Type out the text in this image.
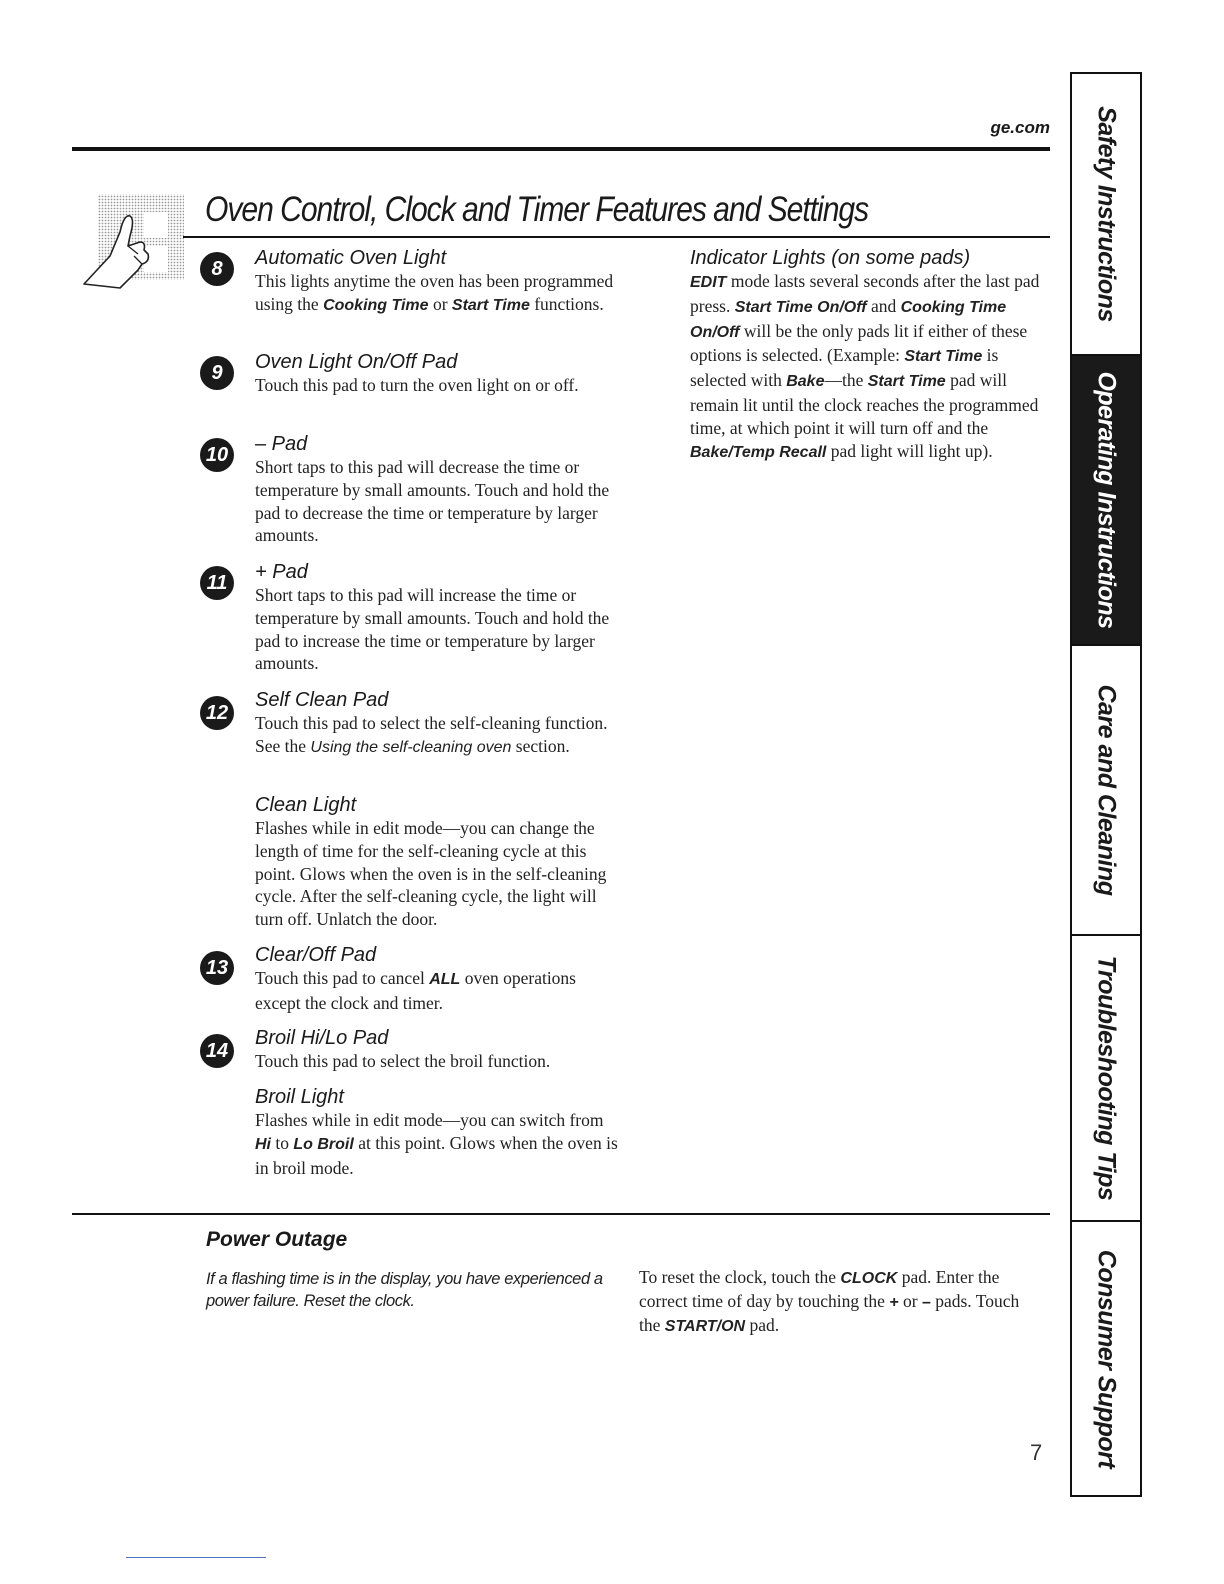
ge.com
Oven Control, Clock and Timer Features and Settings
8	Automatic Oven Light
This lights anytime the oven has been programmed using the Cooking Time or Start Time functions.
9	Oven Light On/Off Pad
Touch this pad to turn the oven light on or off.
10 – Pad
Short taps to this pad will decrease the time or temperature by small amounts. Touch and hold the pad to decrease the time or temperature by larger amounts.
11	+ Pad
Short taps to this pad will increase the time or temperature by small amounts. Touch and hold the pad to increase the time or temperature by larger amounts.
12
Self Clean Pad
Touch this pad to select the self-cleaning function. See the Using the self-cleaning oven section.
Clean Light
Flashes while in edit mode—you can change the length of time for the self-cleaning cycle at this point. Glows when the oven is in the self-cleaning cycle. After the self-cleaning cycle, the light will turn off. Unlatch the door.
13
Clear/Off Pad
Touch this pad to cancel ALL oven operations except the clock and timer.
14
Broil Hi/Lo Pad
Touch this pad to select the broil function.
Broil Light
Flashes while in edit mode—you can switch from Hi to Lo Broil at this point. Glows when the oven is in broil mode.
Indicator Lights (on some pads)
EDIT mode lasts several seconds after the last pad press. Start Time On/Off and Cooking Time On/Off will be the only pads lit if either of these options is selected. (Example: Start Time is selected with Bake—the Start Time pad will remain lit until the clock reaches the programmed time, at which point it will turn off and the Bake/Temp Recall pad light will light up).
Power Outage
If a flashing time is in the display, you have experienced a power failure. Reset the clock.
To reset the clock, touch the CLOCK pad. Enter the correct time of day by touching the + or – pads. Touch the START/ON pad.
7
Safety Instructions
Operating Instructions
Care and Cleaning
Troubleshooting Tips
Consumer Support
